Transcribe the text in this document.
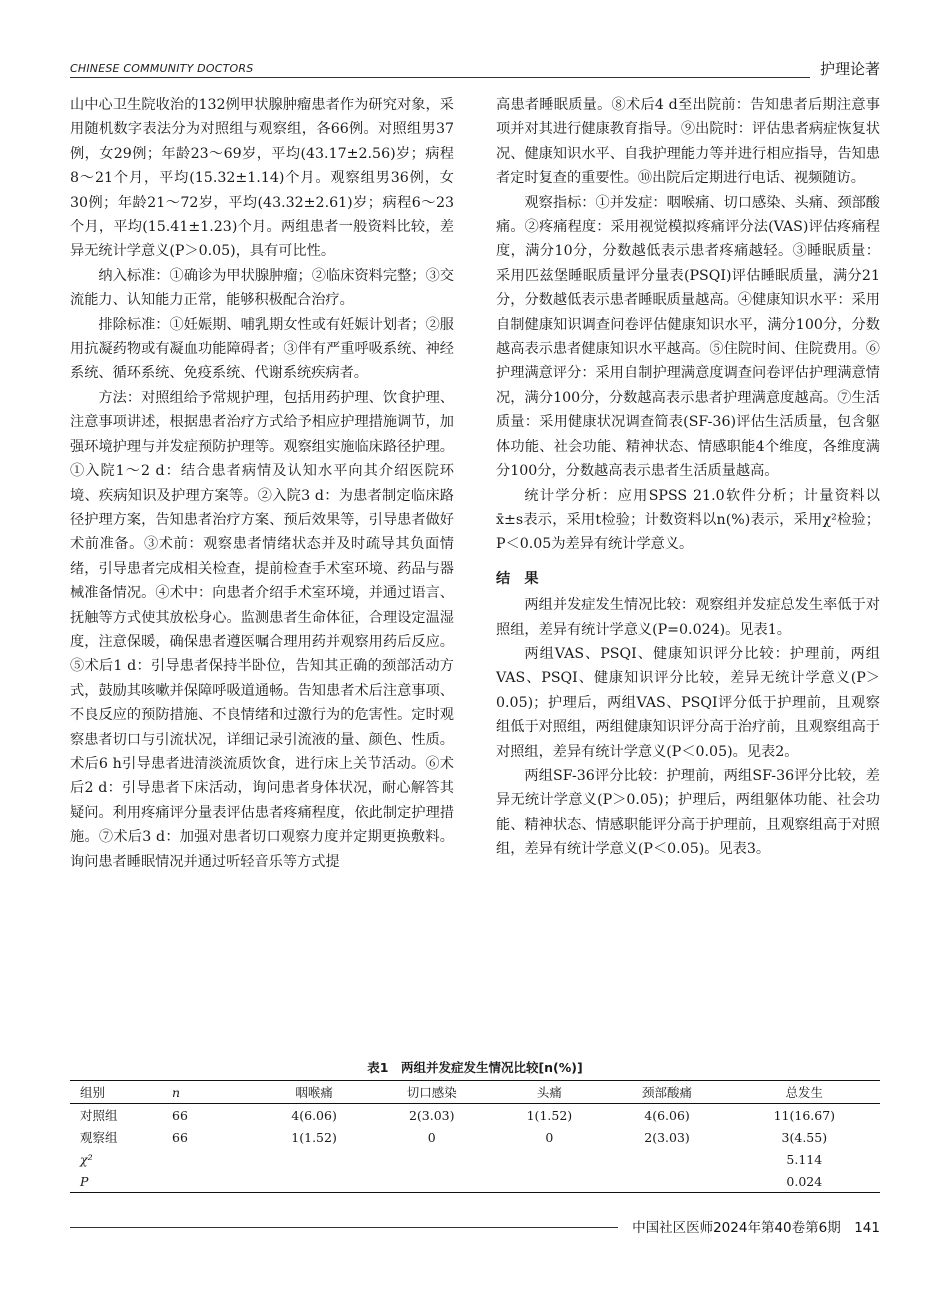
CHINESE COMMUNITY DOCTORS	护理论著

山中心卫生院收治的132例甲状腺肿瘤患者作为研究对象，采用随机数字表法分为对照组与观察组，各66例。对照组男37例，女29例；年龄23～69岁，平均(43.17±2.56)岁；病程8～21个月，平均(15.32±1.14)个月。观察组男36例，女30例；年龄21～72岁，平均(43.32±2.61)岁；病程6～23个月，平均(15.41±1.23)个月。两组患者一般资料比较，差异无统计学意义(P＞0.05)，具有可比性。

纳入标准：①确诊为甲状腺肿瘤；②临床资料完整；③交流能力、认知能力正常，能够积极配合治疗。

排除标准：①妊娠期、哺乳期女性或有妊娠计划者；②服用抗凝药物或有凝血功能障碍者；③伴有严重呼吸系统、神经系统、循环系统、免疫系统、代谢系统疾病者。

方法：对照组给予常规护理，包括用药护理、饮食护理、注意事项讲述，根据患者治疗方式给予相应护理措施调节，加强环境护理与并发症预防护理等。观察组实施临床路径护理。①入院1～2 d：结合患者病情及认知水平向其介绍医院环境、疾病知识及护理方案等。②入院3 d：为患者制定临床路径护理方案，告知患者治疗方案、预后效果等，引导患者做好术前准备。③术前：观察患者情绪状态并及时疏导其负面情绪，引导患者完成相关检查，提前检查手术室环境、药品与器械准备情况。④术中：向患者介绍手术室环境，并通过语言、抚触等方式使其放松身心。监测患者生命体征，合理设定温湿度，注意保暖，确保患者遵医嘱合理用药并观察用药后反应。⑤术后1 d：引导患者保持半卧位，告知其正确的颈部活动方式，鼓励其咳嗽并保障呼吸道通畅。告知患者术后注意事项、不良反应的预防措施、不良情绪和过激行为的危害性。定时观察患者切口与引流状况，详细记录引流液的量、颜色、性质。术后6 h引导患者进清淡流质饮食，进行床上关节活动。⑥术后2 d：引导患者下床活动，询问患者身体状况，耐心解答其疑问。利用疼痛评分量表评估患者疼痛程度，依此制定护理措施。⑦术后3 d：加强对患者切口观察力度并定期更换敷料。询问患者睡眠情况并通过听轻音乐等方式提

高患者睡眠质量。⑧术后4 d至出院前：告知患者后期注意事项并对其进行健康教育指导。⑨出院时：评估患者病症恢复状况、健康知识水平、自我护理能力等并进行相应指导，告知患者定时复查的重要性。⑩出院后定期进行电话、视频随访。

观察指标：①并发症：咽喉痛、切口感染、头痛、颈部酸痛。②疼痛程度：采用视觉模拟疼痛评分法(VAS)评估疼痛程度，满分10分，分数越低表示患者疼痛越轻。③睡眠质量：采用匹兹堡睡眠质量评分量表(PSQI)评估睡眠质量，满分21分，分数越低表示患者睡眠质量越高。④健康知识水平：采用自制健康知识调查问卷评估健康知识水平，满分100分，分数越高表示患者健康知识水平越高。⑤住院时间、住院费用。⑥护理满意评分：采用自制护理满意度调查问卷评估护理满意情况，满分100分，分数越高表示患者护理满意度越高。⑦生活质量：采用健康状况调查简表(SF-36)评估生活质量，包含躯体功能、社会功能、精神状态、情感职能4个维度，各维度满分100分，分数越高表示患者生活质量越高。

统计学分析：应用SPSS 21.0软件分析；计量资料以x̄±s表示，采用t检验；计数资料以n(%)表示，采用χ²检验；P＜0.05为差异有统计学意义。

结　果

两组并发症发生情况比较：观察组并发症总发生率低于对照组，差异有统计学意义(P=0.024)。见表1。

两组VAS、PSQI、健康知识评分比较：护理前，两组VAS、PSQI、健康知识评分比较，差异无统计学意义(P＞0.05)；护理后，两组VAS、PSQI评分低于护理前，且观察组低于对照组，两组健康知识评分高于治疗前，且观察组高于对照组，差异有统计学意义(P＜0.05)。见表2。

两组SF-36评分比较：护理前，两组SF-36评分比较，差异无统计学意义(P＞0.05)；护理后，两组躯体功能、社会功能、精神状态、情感职能评分高于护理前，且观察组高于对照组，差异有统计学意义(P＜0.05)。见表3。

表1　两组并发症发生情况比较[n(%)]
组别	n	咽喉痛	切口感染	头痛	颈部酸痛	总发生
对照组	66	4(6.06)	2(3.03)	1(1.52)	4(6.06)	11(16.67)
观察组	66	1(1.52)	0	0	2(3.03)	3(4.55)
χ²						5.114
P						0.024
中国社区医师2024年第40卷第6期　141
